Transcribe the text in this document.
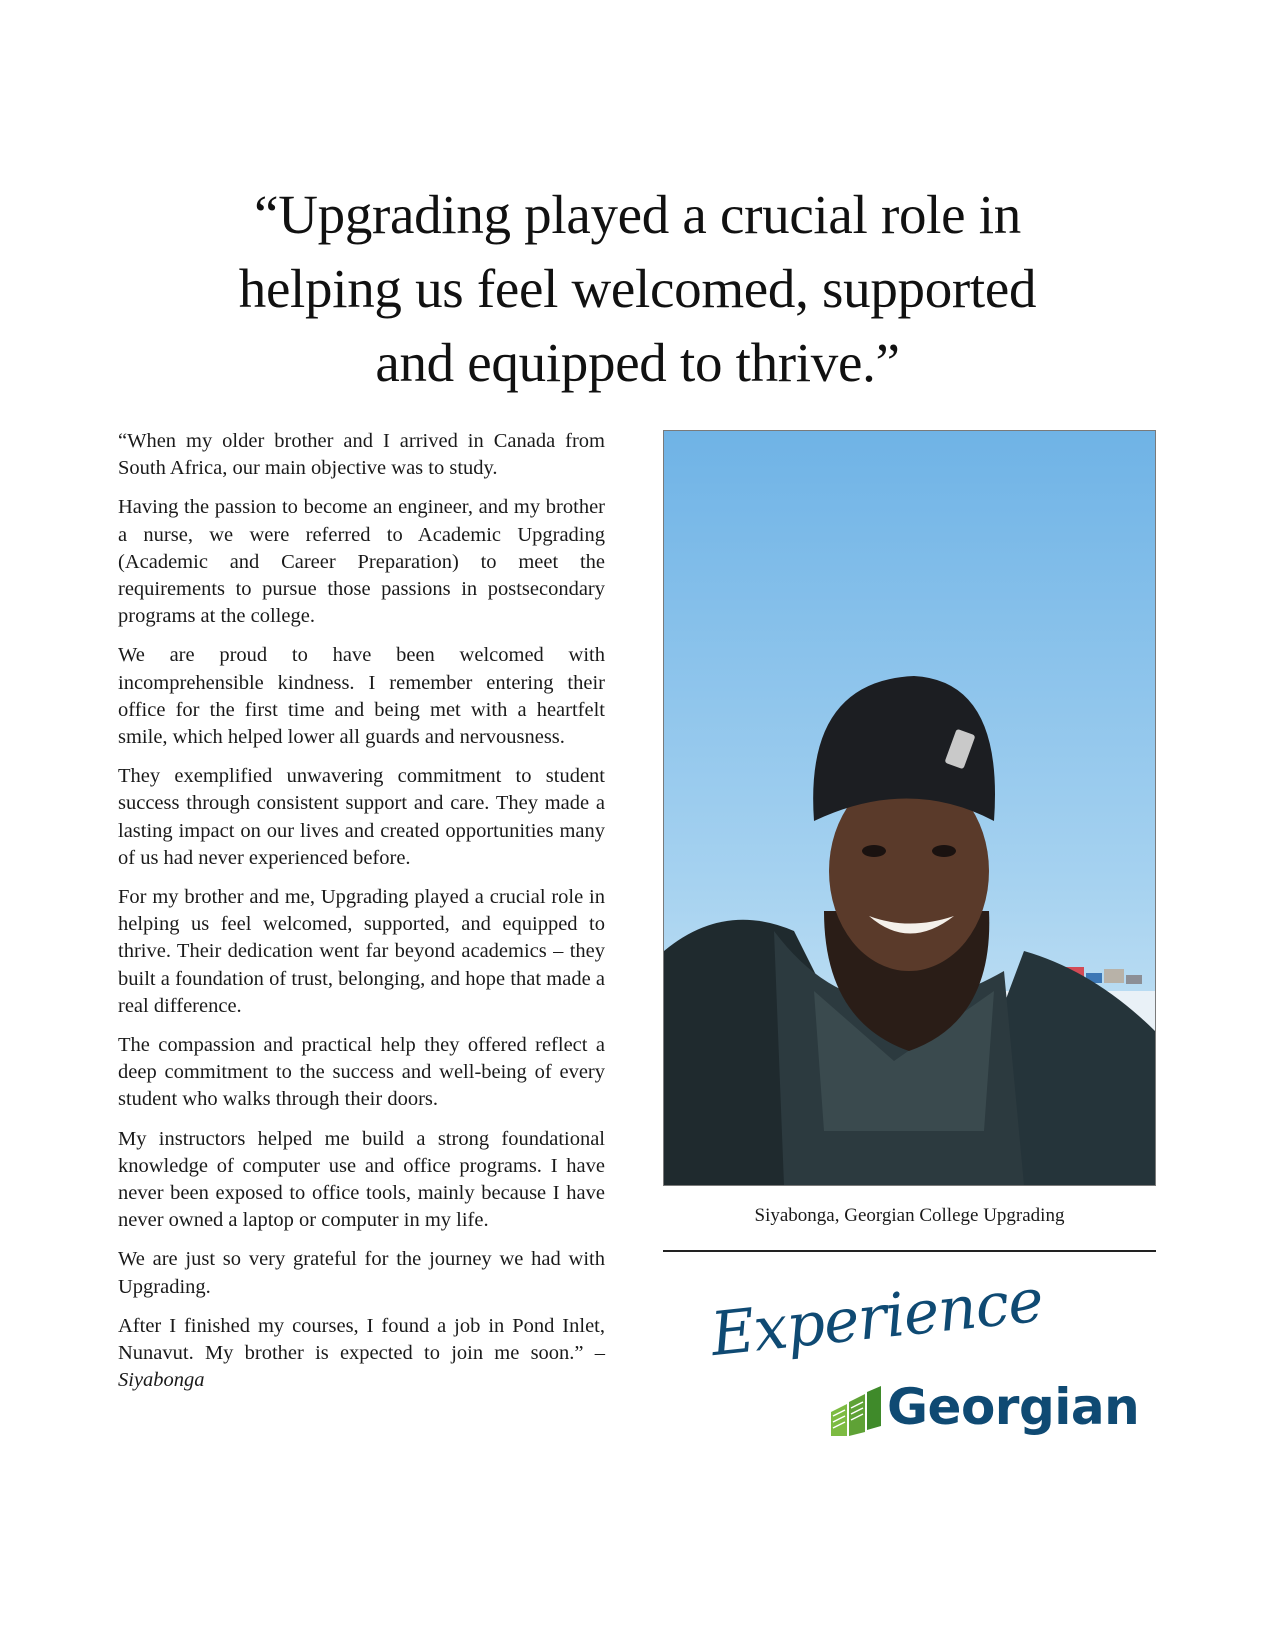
“Upgrading played a crucial role in
helping us feel welcomed, supported
and equipped to thrive.”

“When my older brother and I arrived in Canada from South Africa, our main objective was to study.

Having the passion to become an engineer, and my brother a nurse, we were referred to Academic Upgrading (Academic and Career Preparation) to meet the requirements to pursue those passions in postsecondary programs at the college.

We are proud to have been welcomed with incomprehensible kindness. I remember entering their office for the first time and being met with a heartfelt smile, which helped lower all guards and nervousness.

They exemplified unwavering commitment to student success through consistent support and care. They made a lasting impact on our lives and created opportunities many of us had never experienced before.

For my brother and me, Upgrading played a crucial role in helping us feel welcomed, supported, and equipped to thrive. Their dedication went far beyond academics – they built a foundation of trust, belonging, and hope that made a real difference.

The compassion and practical help they offered reflect a deep commitment to the success and well-being of every student who walks through their doors.

My instructors helped me build a strong foundational knowledge of computer use and office programs. I have never been exposed to office tools, mainly because I have never owned a laptop or computer in my life.

We are just so very grateful for the journey we had with Upgrading.

After I finished my courses, I found a job in Pond Inlet, Nunavut. My brother is expected to join me soon.” –Siyabonga

Siyabonga, Georgian College Upgrading
Experience
Georgian
